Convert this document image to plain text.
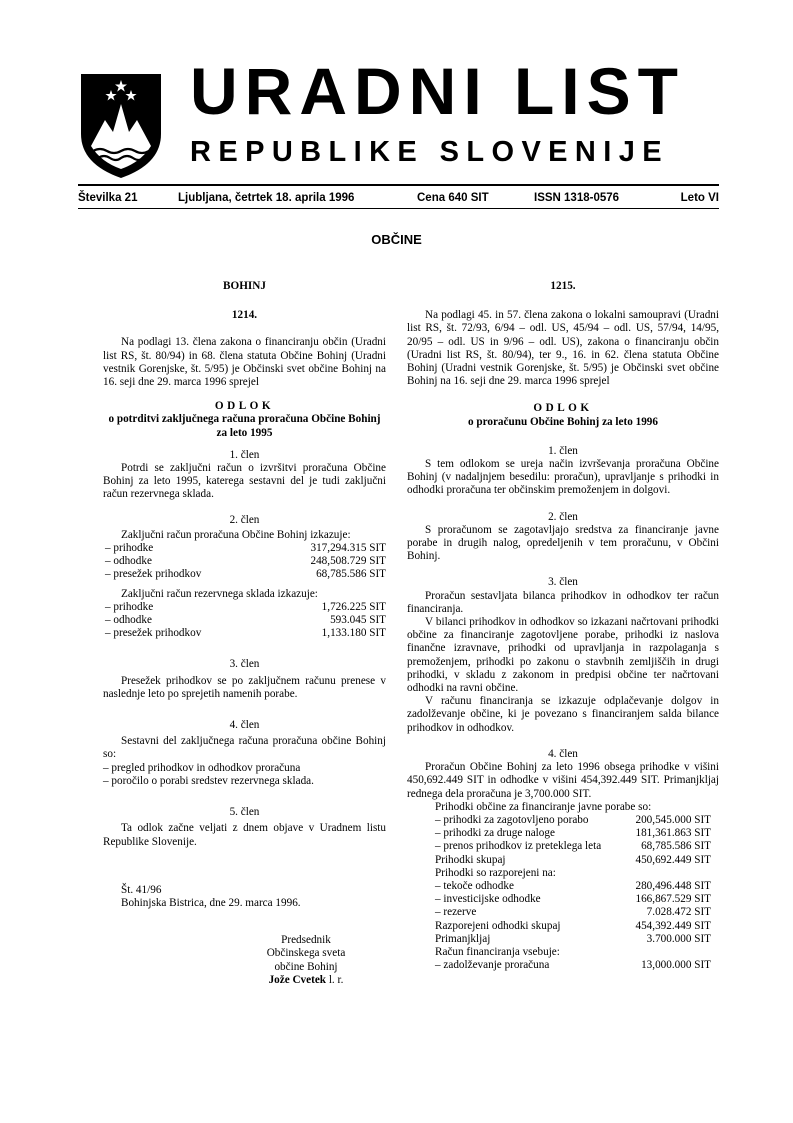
URADNI LIST
REPUBLIKE SLOVENIJE
Številka 21	Ljubljana, četrtek 18. aprila 1996	Cena 640 SIT	ISSN 1318-0576	Leto VI
OBČINE
BOHINJ
1214.
Na podlagi 13. člena zakona o financiranju občin (Uradni list RS, št. 80/94) in 68. člena statuta Občine Bohinj (Uradni vestnik Gorenjske, št. 5/95) je Občinski svet občine Bohinj na 16. seji dne 29. marca 1996 sprejel
ODLOK
o potrditvi zaključnega računa proračuna Občine Bohinj za leto 1995
1. člen
Potrdi se zaključni račun o izvršitvi proračuna Občine Bohinj za leto 1995, katerega sestavni del je tudi zaključni račun rezervnega sklada.
2. člen
Zaključni račun proračuna Občine Bohinj izkazuje:
– prihodke	317,294.315 SIT
– odhodke	248,508.729 SIT
– presežek prihodkov	68,785.586 SIT
Zaključni račun rezervnega sklada izkazuje:
– prihodke	1,726.225 SIT
– odhodke	593.045 SIT
– presežek prihodkov	1,133.180 SIT
3. člen
Presežek prihodkov se po zaključnem računu prenese v naslednje leto po sprejetih namenih porabe.
4. člen
Sestavni del zaključnega računa proračuna občine Bohinj so:
– pregled prihodkov in odhodkov proračuna
– poročilo o porabi sredstev rezervnega sklada.
5. člen
Ta odlok začne veljati z dnem objave v Uradnem listu Republike Slovenije.
Št. 41/96
Bohinjska Bistrica, dne 29. marca 1996.
Predsednik
Občinskega sveta
občine Bohinj
Jože Cvetek l. r.
1215.
Na podlagi 45. in 57. člena zakona o lokalni samoupravi (Uradni list RS, št. 72/93, 6/94 – odl. US, 45/94 – odl. US, 57/94, 14/95, 20/95 – odl. US in 9/96 – odl. US), zakona o financiranju občin (Uradni list RS, št. 80/94), ter 9., 16. in 62. člena statuta Občine Bohinj (Uradni vestnik Gorenjske, št. 5/95) je Občinski svet občine Bohinj na 16. seji dne 29. marca 1996 sprejel
ODLOK
o proračunu Občine Bohinj za leto 1996
1. člen
S tem odlokom se ureja način izvrševanja proračuna Občine Bohinj (v nadaljnjem besedilu: proračun), upravljanje s prihodki in odhodki proračuna ter občinskim premoženjem in dolgovi.
2. člen
S proračunom se zagotavljajo sredstva za financiranje javne porabe in drugih nalog, opredeljenih v tem proračunu, v Občini Bohinj.
3. člen
Proračun sestavljata bilanca prihodkov in odhodkov ter račun financiranja.
V bilanci prihodkov in odhodkov so izkazani načrtovani prihodki občine za financiranje zagotovljene porabe, prihodki iz naslova finančne izravnave, prihodki od upravljanja in razpolaganja s premoženjem, prihodki po zakonu o stavbnih zemljiščih in drugi prihodki, v skladu z zakonom in predpisi občine ter načrtovani odhodki na ravni občine.
V računu financiranja se izkazuje odplačevanje dolgov in zadolževanje občine, ki je povezano s financiranjem salda bilance prihodkov in odhodkov.
4. člen
Proračun Občine Bohinj za leto 1996 obsega prihodke v višini 450,692.449 SIT in odhodke v višini 454,392.449 SIT. Primanjkljaj rednega dela proračuna je 3,700.000 SIT.
Prihodki občine za financiranje javne porabe so:
– prihodki za zagotovljeno porabo	200,545.000 SIT
– prihodki za druge naloge	181,361.863 SIT
– prenos prihodkov iz preteklega leta	68,785.586 SIT
Prihodki skupaj	450,692.449 SIT
Prihodki so razporejeni na:
– tekoče odhodke	280,496.448 SIT
– investicijske odhodke	166,867.529 SIT
– rezerve	7.028.472 SIT
Razporejeni odhodki skupaj	454,392.449 SIT
Primanjkljaj	3.700.000 SIT
Račun financiranja vsebuje:
– zadolževanje proračuna	13,000.000 SIT
